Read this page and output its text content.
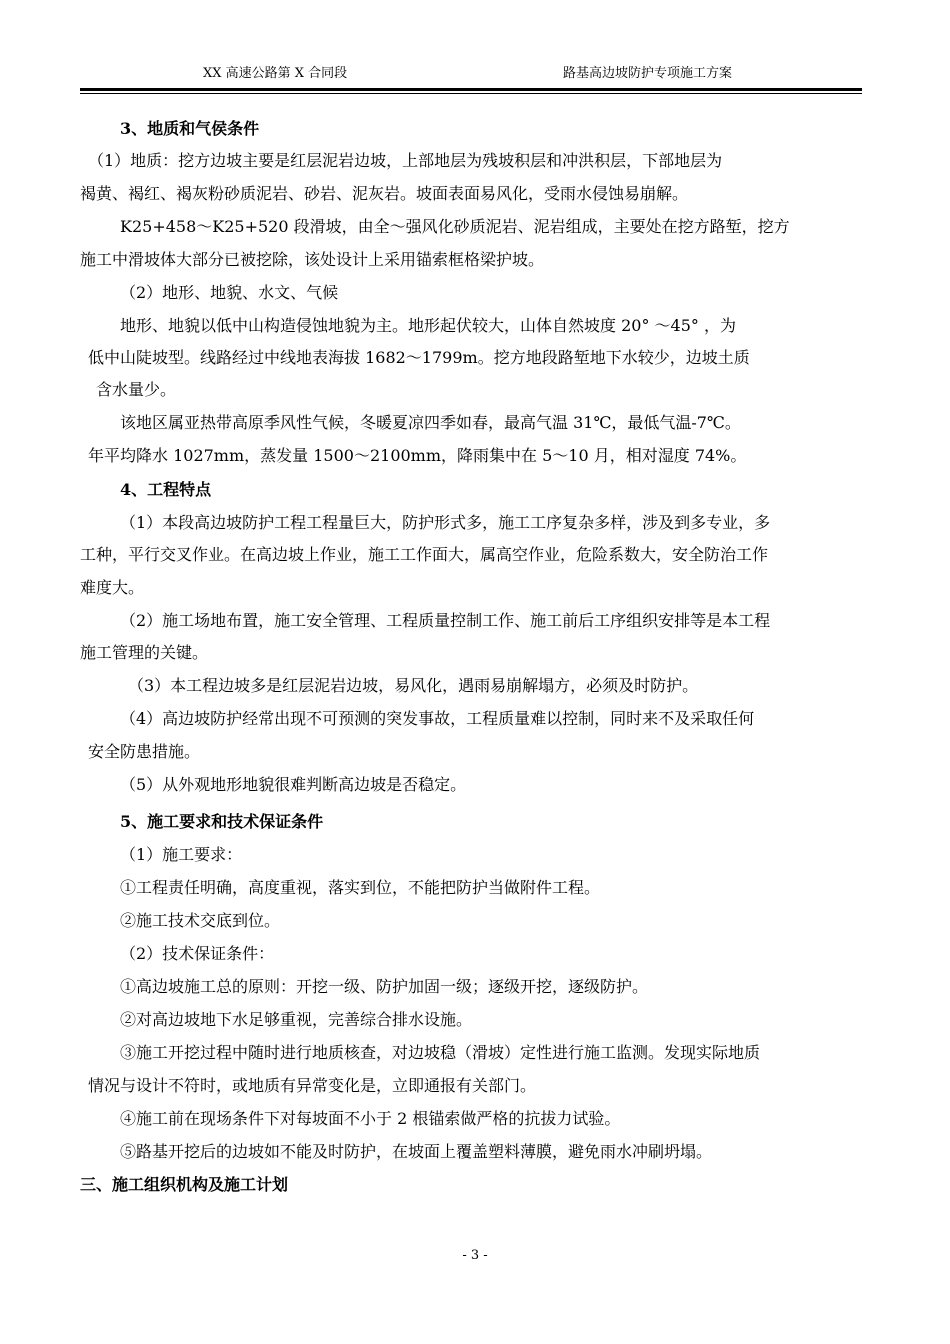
XX 高速公路第 X 合同段	路基高边坡防护专项施工方案
3、地质和气侯条件
（1）地质：挖方边坡主要是红层泥岩边坡，上部地层为残坡积层和冲洪积层，下部地层为
褐黄、褐红、褐灰粉砂质泥岩、砂岩、泥灰岩。坡面表面易风化，受雨水侵蚀易崩解。
K25+458～K25+520 段滑坡，由全～强风化砂质泥岩、泥岩组成，主要处在挖方路堑，挖方
施工中滑坡体大部分已被挖除，该处设计上采用锚索框格梁护坡。
（2）地形、地貌、水文、气候
地形、地貌以低中山构造侵蚀地貌为主。地形起伏较大，山体自然坡度 20° ～45° ，为
低中山陡坡型。线路经过中线地表海拔 1682～1799m。挖方地段路堑地下水较少，边坡土质
含水量少。
该地区属亚热带高原季风性气候，冬暖夏凉四季如春，最高气温 31℃，最低气温-7℃。
年平均降水 1027mm，蒸发量 1500～2100mm，降雨集中在 5～10 月，相对湿度 74%。
4、工程特点
（1）本段高边坡防护工程工程量巨大，防护形式多，施工工序复杂多样，涉及到多专业，多
工种，平行交叉作业。在高边坡上作业，施工工作面大，属高空作业，危险系数大，安全防治工作
难度大。
（2）施工场地布置，施工安全管理、工程质量控制工作、施工前后工序组织安排等是本工程
施工管理的关键。
（3）本工程边坡多是红层泥岩边坡，易风化，遇雨易崩解塌方，必须及时防护。
（4）高边坡防护经常出现不可预测的突发事故，工程质量难以控制，同时来不及采取任何
安全防患措施。
（5）从外观地形地貌很难判断高边坡是否稳定。
5、施工要求和技术保证条件
（1）施工要求：
①工程责任明确，高度重视，落实到位，不能把防护当做附件工程。
②施工技术交底到位。
（2）技术保证条件：
①高边坡施工总的原则：开挖一级、防护加固一级；逐级开挖，逐级防护。
②对高边坡地下水足够重视，完善综合排水设施。
③施工开挖过程中随时进行地质核查，对边坡稳（滑坡）定性进行施工监测。发现实际地质
情况与设计不符时，或地质有异常变化是，立即通报有关部门。
④施工前在现场条件下对每坡面不小于 2 根锚索做严格的抗拔力试验。
⑤路基开挖后的边坡如不能及时防护，在坡面上覆盖塑料薄膜，避免雨水冲刷坍塌。
三、施工组织机构及施工计划
- 3 -
